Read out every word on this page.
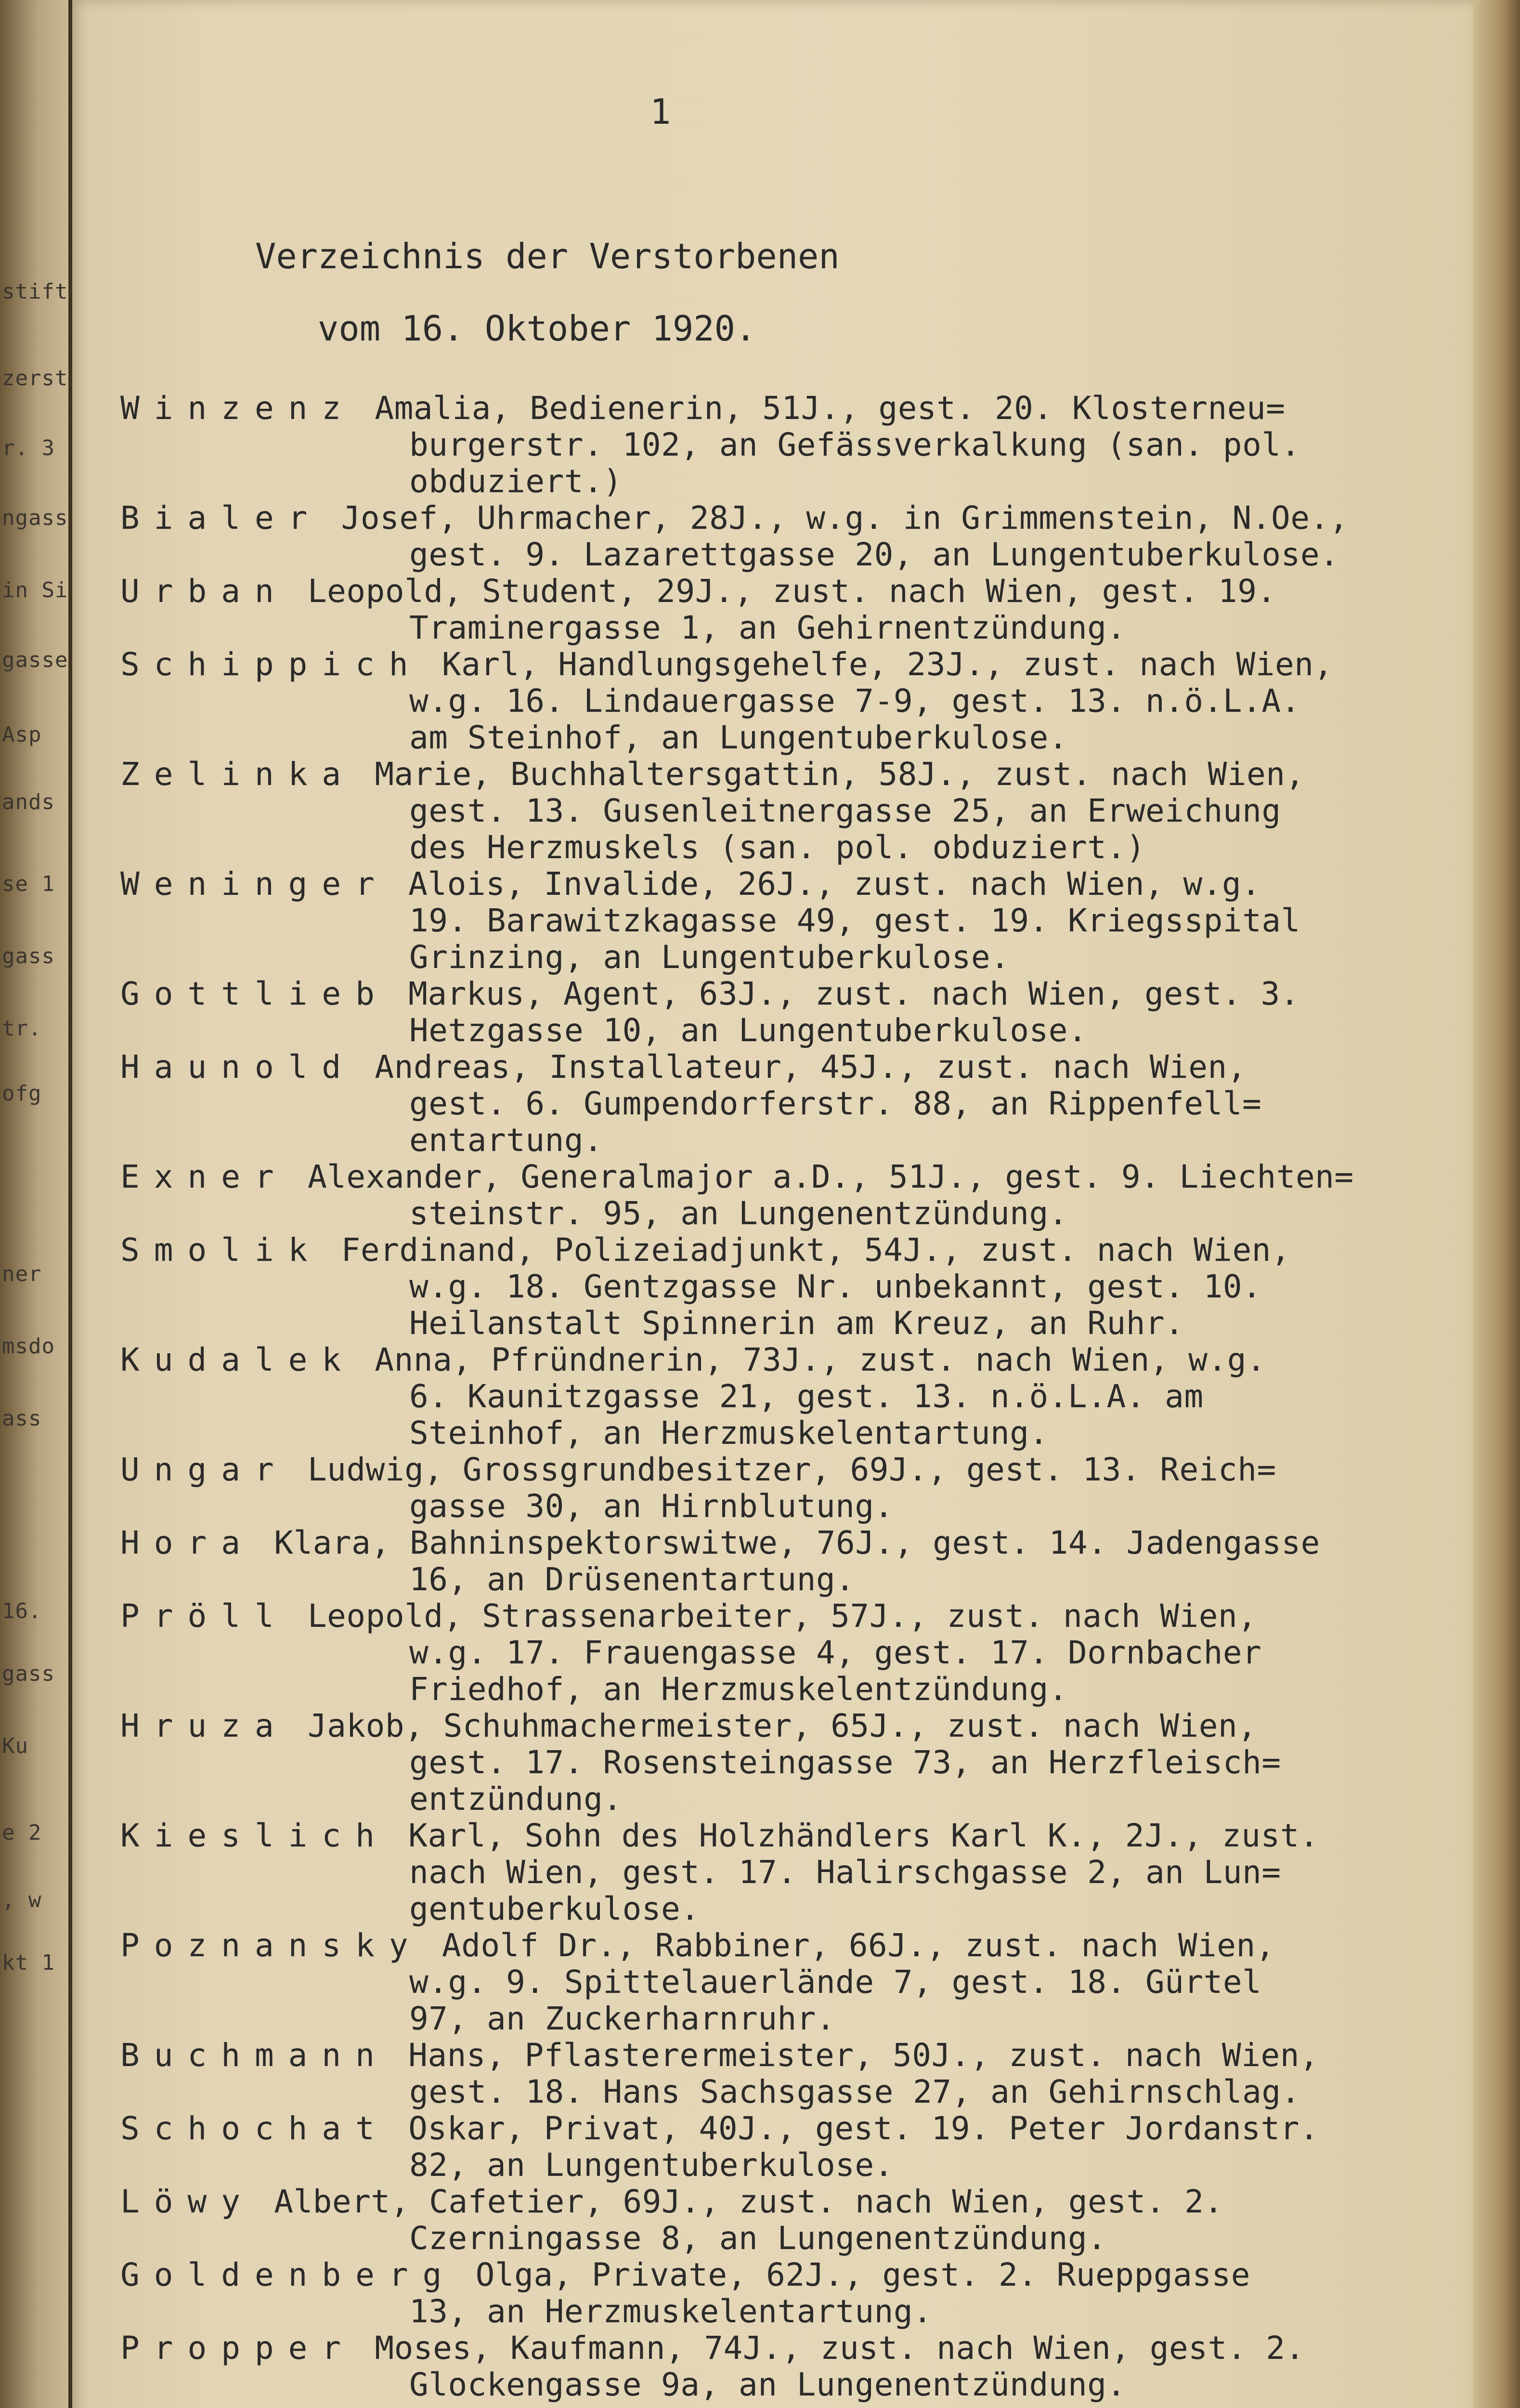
stift
zerst
r. 3
ngass
in Si
gasse
Asp
ands
se 1
gass
tr.
ofg
ner
msdo
ass
16.
gass
Ku
e 2
, w
kt 1
1
Verzeichnis der Verstorbenen
vom 16. Oktober 1920.
Winzenz Amalia, Bedienerin, 51J., gest. 20. Klosterneu=
burgerstr. 102, an Gefässverkalkung (san. pol.
obduziert.)
Bialer Josef, Uhrmacher, 28J., w.g. in Grimmenstein, N.Oe.,
gest. 9. Lazarettgasse 20, an Lungentuberkulose.
Urban Leopold, Student, 29J., zust. nach Wien, gest. 19.
Traminergasse 1, an Gehirnentzündung.
Schippich Karl, Handlungsgehelfe, 23J., zust. nach Wien,
w.g. 16. Lindauergasse 7-9, gest. 13. n.ö.L.A.
am Steinhof, an Lungentuberkulose.
Zelinka Marie, Buchhaltersgattin, 58J., zust. nach Wien,
gest. 13. Gusenleitnergasse 25, an Erweichung
des Herzmuskels (san. pol. obduziert.)
Weninger Alois, Invalide, 26J., zust. nach Wien, w.g.
19. Barawitzkagasse 49, gest. 19. Kriegsspital
Grinzing, an Lungentuberkulose.
Gottlieb Markus, Agent, 63J., zust. nach Wien, gest. 3.
Hetzgasse 10, an Lungentuberkulose.
Haunold Andreas, Installateur, 45J., zust. nach Wien,
gest. 6. Gumpendorferstr. 88, an Rippenfell=
entartung.
Exner Alexander, Generalmajor a.D., 51J., gest. 9. Liechten=
steinstr. 95, an Lungenentzündung.
Smolik Ferdinand, Polizeiadjunkt, 54J., zust. nach Wien,
w.g. 18. Gentzgasse Nr. unbekannt, gest. 10.
Heilanstalt Spinnerin am Kreuz, an Ruhr.
Kudalek Anna, Pfründnerin, 73J., zust. nach Wien, w.g.
6. Kaunitzgasse 21, gest. 13. n.ö.L.A. am
Steinhof, an Herzmuskelentartung.
Ungar Ludwig, Grossgrundbesitzer, 69J., gest. 13. Reich=
gasse 30, an Hirnblutung.
Hora Klara, Bahninspektorswitwe, 76J., gest. 14. Jadengasse
16, an Drüsenentartung.
Pröll Leopold, Strassenarbeiter, 57J., zust. nach Wien,
w.g. 17. Frauengasse 4, gest. 17. Dornbacher
Friedhof, an Herzmuskelentzündung.
Hruza Jakob, Schuhmachermeister, 65J., zust. nach Wien,
gest. 17. Rosensteingasse 73, an Herzfleisch=
entzündung.
Kieslich Karl, Sohn des Holzhändlers Karl K., 2J., zust.
nach Wien, gest. 17. Halirschgasse 2, an Lun=
gentuberkulose.
Poznansky Adolf Dr., Rabbiner, 66J., zust. nach Wien,
w.g. 9. Spittelauerlände 7, gest. 18. Gürtel
97, an Zuckerharnruhr.
Buchmann Hans, Pflasterermeister, 50J., zust. nach Wien,
gest. 18. Hans Sachsgasse 27, an Gehirnschlag.
Schochat Oskar, Privat, 40J., gest. 19. Peter Jordanstr.
82, an Lungentuberkulose.
Löwy Albert, Cafetier, 69J., zust. nach Wien, gest. 2.
Czerningasse 8, an Lungenentzündung.
Goldenberg Olga, Private, 62J., gest. 2. Rueppgasse
13, an Herzmuskelentartung.
Propper Moses, Kaufmann, 74J., zust. nach Wien, gest. 2.
Glockengasse 9a, an Lungenentzündung.
